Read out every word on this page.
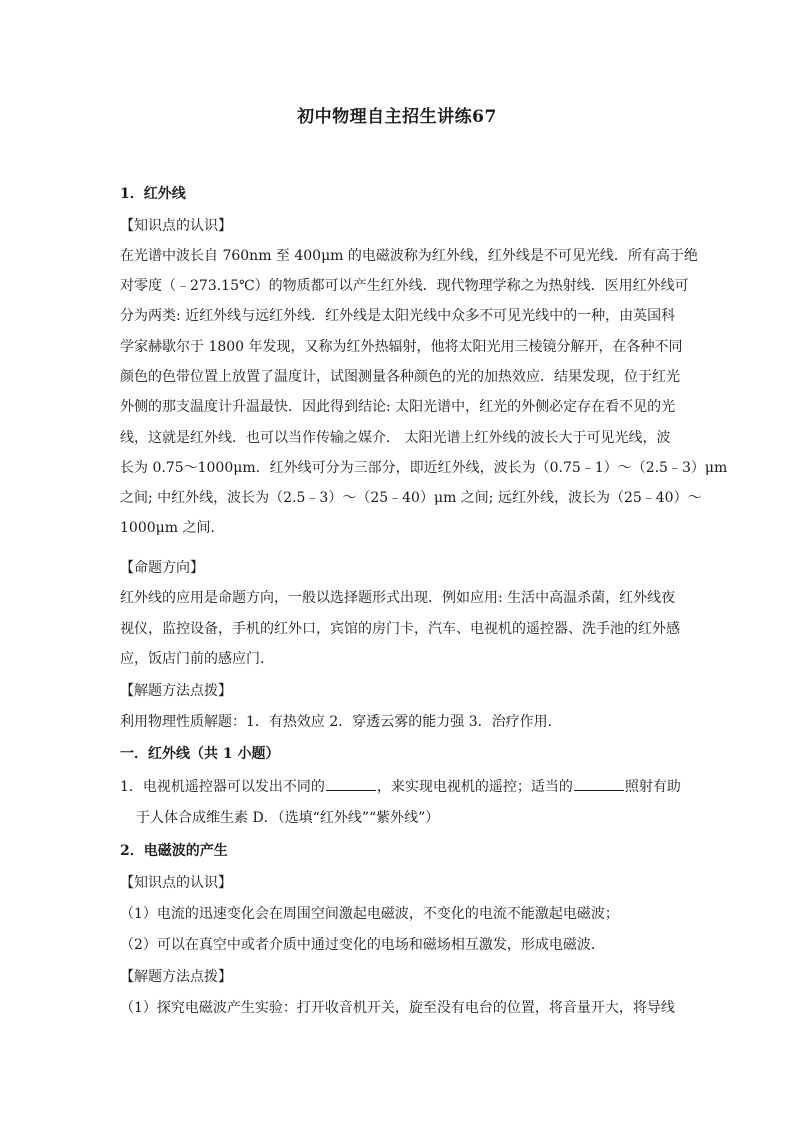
初中物理自主招生讲练67
1．红外线
【知识点的认识】
在光谱中波长自 760nm 至 400μm 的电磁波称为红外线，红外线是不可见光线．所有高于绝
对零度（﹣273.15℃）的物质都可以产生红外线．现代物理学称之为热射线．医用红外线可
分为两类: 近红外线与远红外线．红外线是太阳光线中众多不可见光线中的一种，由英国科
学家赫歇尔于 1800 年发现，又称为红外热辐射，他将太阳光用三棱镜分解开，在各种不同
颜色的色带位置上放置了温度计，试图测量各种颜色的光的加热效应．结果发现，位于红光
外侧的那支温度计升温最快．因此得到结论: 太阳光谱中，红光的外侧必定存在看不见的光
线，这就是红外线．也可以当作传输之媒介． 太阳光谱上红外线的波长大于可见光线，波
长为 0.75～1000μm．红外线可分为三部分，即近红外线，波长为（0.75﹣1）～（2.5﹣3）μm
之间; 中红外线，波长为（2.5﹣3）～（25﹣40）μm 之间; 远红外线，波长为（25﹣40）～
1000μm 之间．
【命题方向】
红外线的应用是命题方向，一般以选择题形式出现．例如应用: 生活中高温杀菌，红外线夜
视仪，监控设备，手机的红外口，宾馆的房门卡，汽车、电视机的遥控器、洗手池的红外感
应，饭店门前的感应门．
【解题方法点拨】
利用物理性质解题：1．有热效应 2．穿透云雾的能力强 3．治疗作用．
一．红外线（共 1 小题）
1．电视机遥控器可以发出不同的	，来实现电视机的遥控；适当的	照射有助
于人体合成维生素 D．（选填“红外线”“紫外线”）
2．电磁波的产生
【知识点的认识】
（1）电流的迅速变化会在周围空间激起电磁波，不变化的电流不能激起电磁波；
（2）可以在真空中或者介质中通过变化的电场和磁场相互激发，形成电磁波．
【解题方法点拨】
（1）探究电磁波产生实验：打开收音机开关，旋至没有电台的位置，将音量开大，将导线
